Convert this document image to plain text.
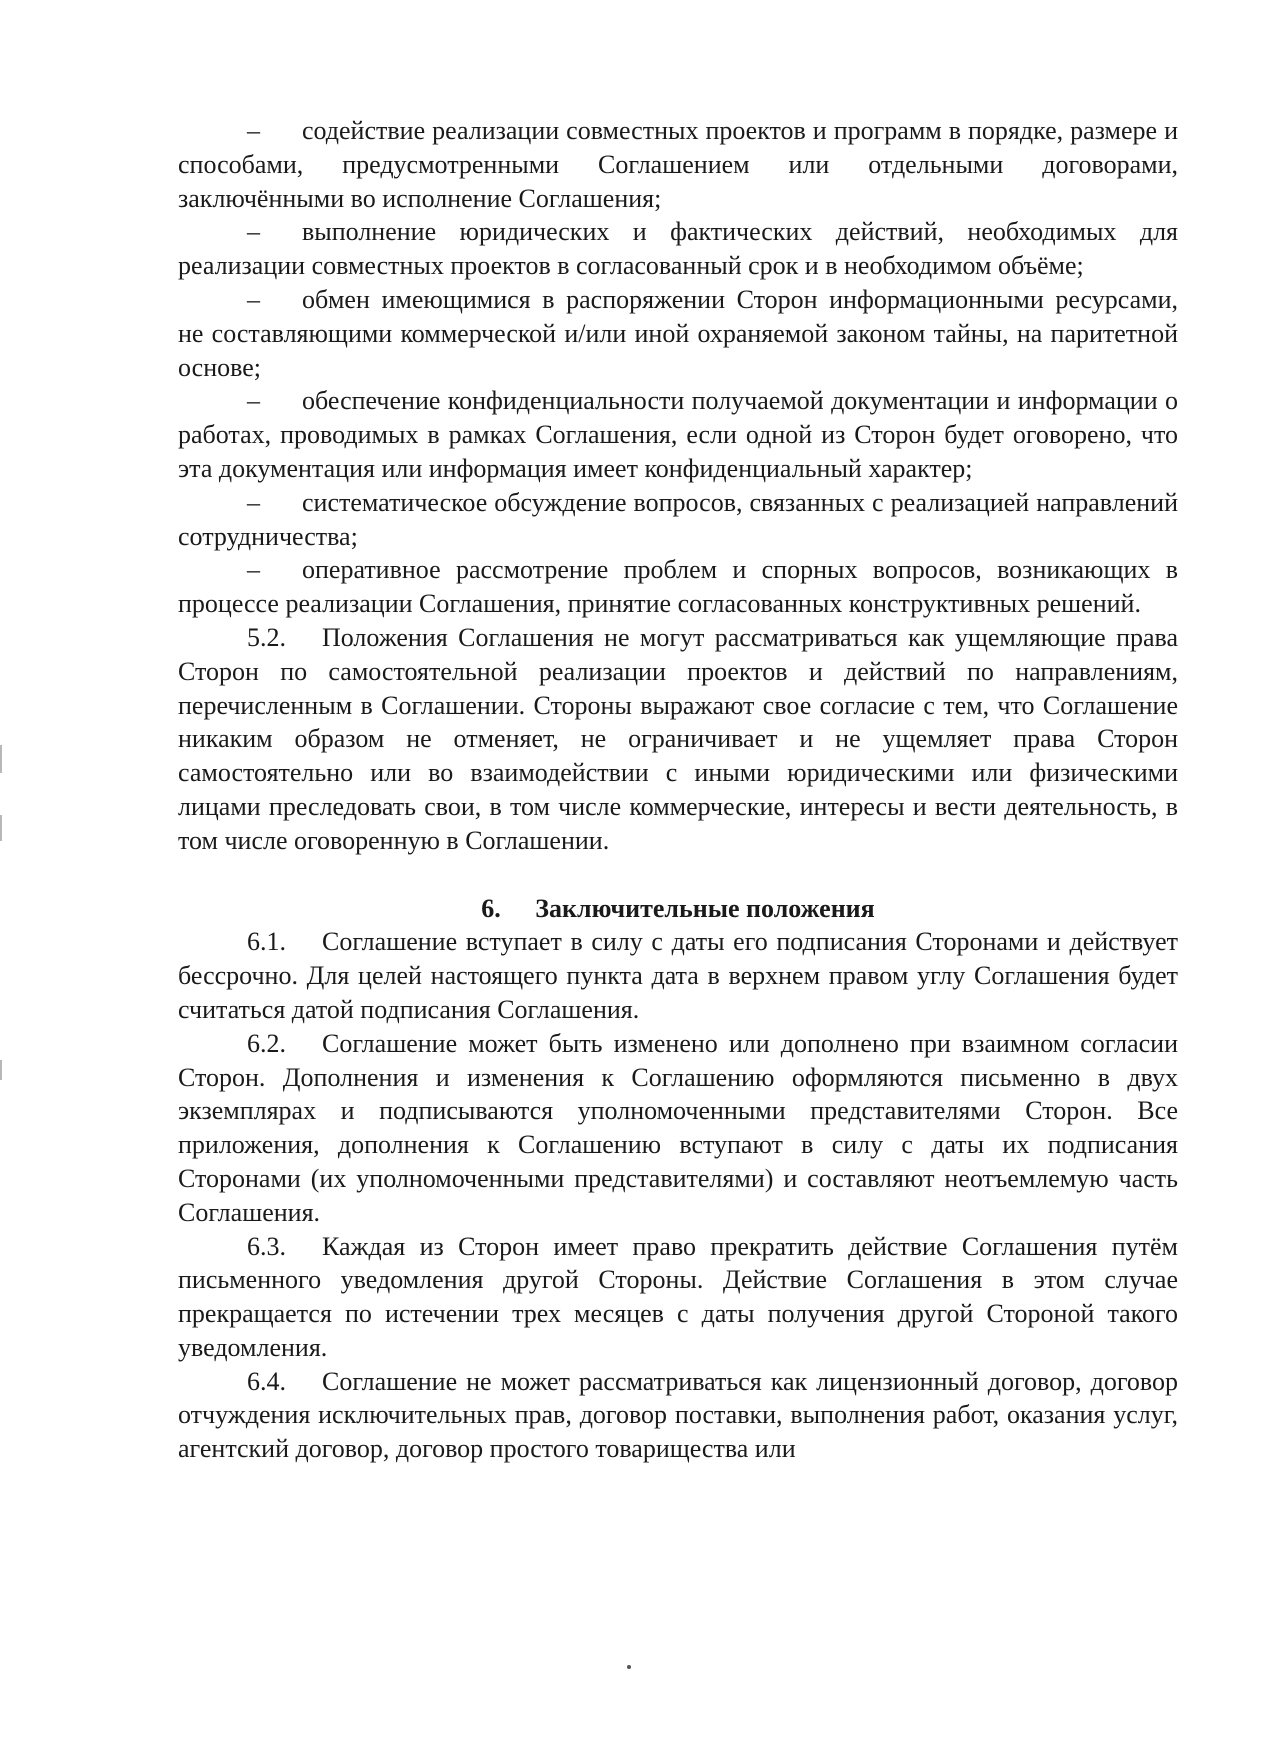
– содействие реализации совместных проектов и программ в порядке, размере и способами, предусмотренными Соглашением или отдельными договорами, заключёнными во исполнение Соглашения;

– выполнение юридических и фактических действий, необходимых для реализации совместных проектов в согласованный срок и в необходимом объёме;

– обмен имеющимися в распоряжении Сторон информационными ресурсами, не составляющими коммерческой и/или иной охраняемой законом тайны, на паритетной основе;

– обеспечение конфиденциальности получаемой документации и информации о работах, проводимых в рамках Соглашения, если одной из Сторон будет оговорено, что эта документация или информация имеет конфиденциальный характер;

– систематическое обсуждение вопросов, связанных с реализацией направлений сотрудничества;

– оперативное рассмотрение проблем и спорных вопросов, возникающих в процессе реализации Соглашения, принятие согласованных конструктивных решений.

5.2. Положения Соглашения не могут рассматриваться как ущемляющие права Сторон по самостоятельной реализации проектов и действий по направлениям, перечисленным в Соглашении. Стороны выражают свое согласие с тем, что Соглашение никаким образом не отменяет, не ограничивает и не ущемляет права Сторон самостоятельно или во взаимодействии с иными юридическими или физическими лицами преследовать свои, в том числе коммерческие, интересы и вести деятельность, в том числе оговоренную в Соглашении.

6. Заключительные положения

6.1. Соглашение вступает в силу с даты его подписания Сторонами и действует бессрочно. Для целей настоящего пункта дата в верхнем правом углу Соглашения будет считаться датой подписания Соглашения.

6.2. Соглашение может быть изменено или дополнено при взаимном согласии Сторон. Дополнения и изменения к Соглашению оформляются письменно в двух экземплярах и подписываются уполномоченными представителями Сторон. Все приложения, дополнения к Соглашению вступают в силу с даты их подписания Сторонами (их уполномоченными представителями) и составляют неотъемлемую часть Соглашения.

6.3. Каждая из Сторон имеет право прекратить действие Соглашения путём письменного уведомления другой Стороны. Действие Соглашения в этом случае прекращается по истечении трех месяцев с даты получения другой Стороной такого уведомления.

6.4. Соглашение не может рассматриваться как лицензионный договор, договор отчуждения исключительных прав, договор поставки, выполнения работ, оказания услуг, агентский договор, договор простого товарищества или
